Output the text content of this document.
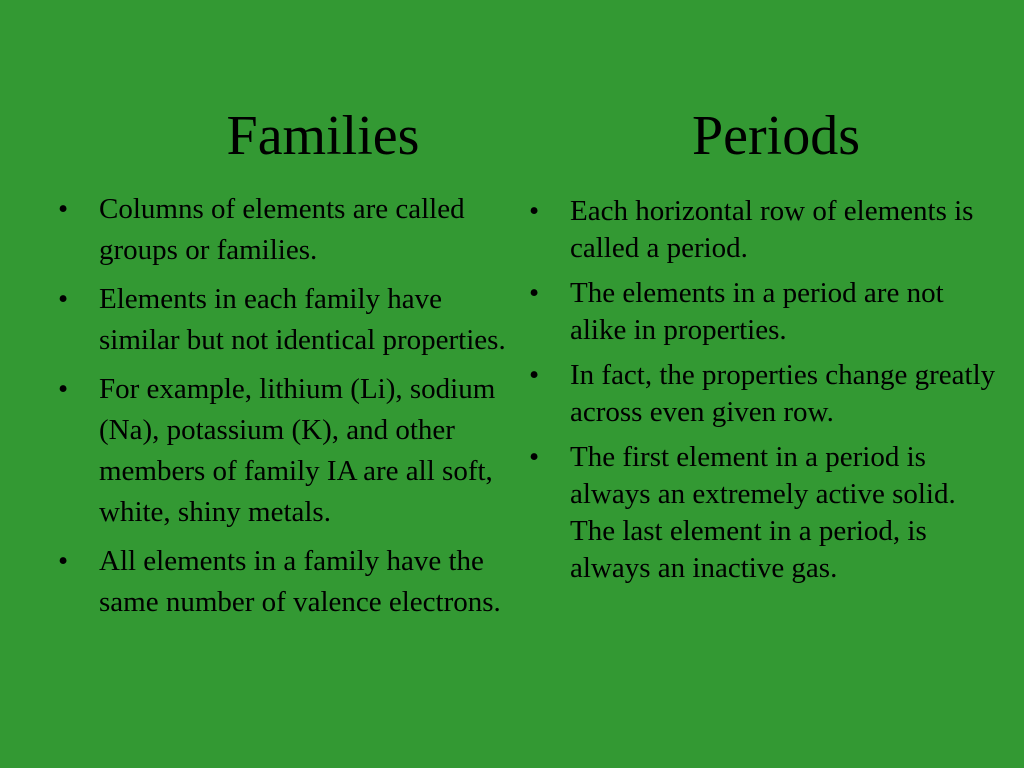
Families	Periods
•	Columns of elements are called groups or families.
•	Elements in each family have similar but not identical properties.
•	For example, lithium (Li), sodium (Na), potassium (K), and other members of family IA are all soft, white, shiny metals.
•	All elements in a family have the same number of valence electrons.
•	Each horizontal row of elements is called a period.
•	The elements in a period are not alike in properties.
•	In fact, the properties change greatly across even given row.
•	The first element in a period is always an extremely active solid. The last element in a period, is always an inactive gas.
